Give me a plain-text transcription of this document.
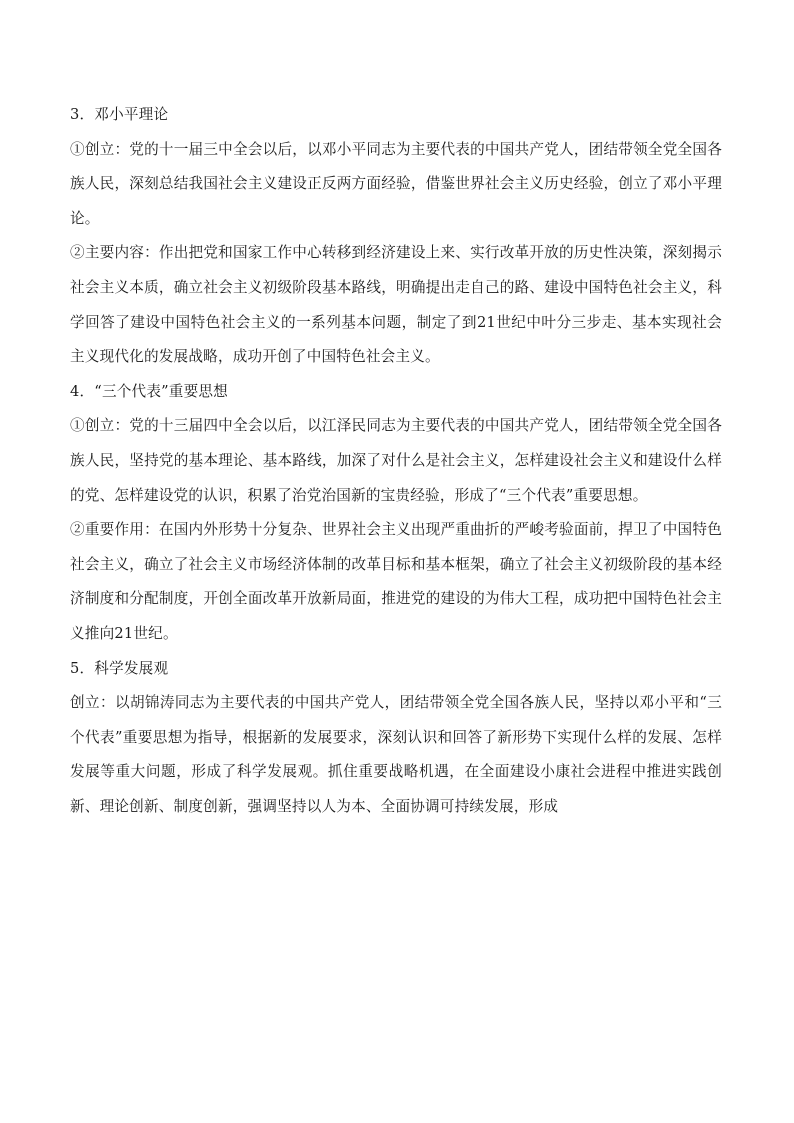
3．邓小平理论

①创立：党的十一届三中全会以后，以邓小平同志为主要代表的中国共产党人，团结带领全党全国各族人民，深刻总结我国社会主义建设正反两方面经验，借鉴世界社会主义历史经验，创立了邓小平理论。

②主要内容：作出把党和国家工作中心转移到经济建设上来、实行改革开放的历史性决策，深刻揭示社会主义本质，确立社会主义初级阶段基本路线，明确提出走自己的路、建设中国特色社会主义，科学回答了建设中国特色社会主义的一系列基本问题，制定了到21世纪中叶分三步走、基本实现社会主义现代化的发展战略，成功开创了中国特色社会主义。

4．“三个代表”重要思想

①创立：党的十三届四中全会以后，以江泽民同志为主要代表的中国共产党人，团结带领全党全国各族人民，坚持党的基本理论、基本路线，加深了对什么是社会主义，怎样建设社会主义和建设什么样的党、怎样建设党的认识，积累了治党治国新的宝贵经验，形成了“三个代表”重要思想。

②重要作用：在国内外形势十分复杂、世界社会主义出现严重曲折的严峻考验面前，捍卫了中国特色社会主义，确立了社会主义市场经济体制的改革目标和基本框架，确立了社会主义初级阶段的基本经济制度和分配制度，开创全面改革开放新局面，推进党的建设的为伟大工程，成功把中国特色社会主义推向21世纪。

5．科学发展观

创立：以胡锦涛同志为主要代表的中国共产党人，团结带领全党全国各族人民，坚持以邓小平和“三个代表”重要思想为指导，根据新的发展要求，深刻认识和回答了新形势下实现什么样的发展、怎样发展等重大问题，形成了科学发展观。抓住重要战略机遇，在全面建设小康社会进程中推进实践创新、理论创新、制度创新，强调坚持以人为本、全面协调可持续发展，形成
